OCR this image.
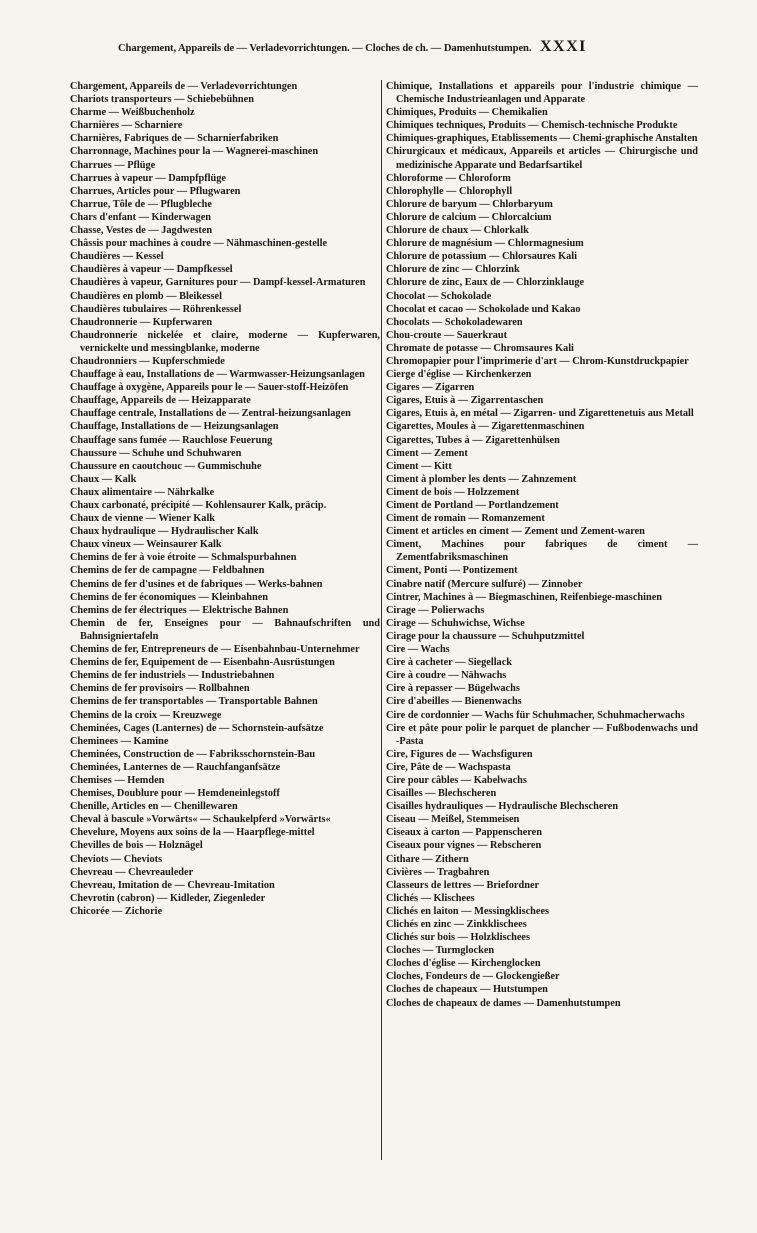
Chargement, Appareils de — Verladevorrichtungen. — Cloches de ch. — Damenhutstumpen. XXXI
Chargement, Appareils de — Verladevorrichtungen
Chariots transporteurs — Schiebebühnen
Charme — Weißbuchenholz
Charnières — Scharniere
Charnières, Fabriques de — Scharnierfabriken
Charronnage, Machines pour la — Wagnerei-maschinen
Charrues — Pflüge
Charrues à vapeur — Dampfpflüge
Charrues, Articles pour — Pflugwaren
Charrue, Tôle de — Pflugbleche
Chars d'enfant — Kinderwagen
Chasse, Vestes de — Jagdwesten
Châssis pour machines à coudre — Nähmaschinen-gestelle
Chaudières — Kessel
Chaudières à vapeur — Dampfkessel
Chaudières à vapeur, Garnitures pour — Dampf-kessel-Armaturen
Chaudières en plomb — Bleikessel
Chaudières tubulaires — Röhrenkessel
Chaudronnerie — Kupferwaren
Chaudronnerie nickelée et claire, moderne — Kupferwaren, vernickelte und messingblanke, moderne
Chaudronniers — Kupferschmiede
Chauffage à eau, Installations de — Warmwasser-Heizungsanlagen
Chauffage à oxygène, Appareils pour le — Sauer-stoff-Heizöfen
Chauffage, Appareils de — Heizapparate
Chauffage centrale, Installations de — Zentral-heizungsanlagen
Chauffage, Installations de — Heizungsanlagen
Chauffage sans fumée — Rauchlose Feuerung
Chaussure — Schuhe und Schuhwaren
Chaussure en caoutchouc — Gummischuhe
Chaux — Kalk
Chaux alimentaire — Nährkalke
Chaux carbonaté, précipité — Kohlensaurer Kalk, präcip.
Chaux de vienne — Wiener Kalk
Chaux hydraulique — Hydraulischer Kalk
Chaux vineux — Weinsaurer Kalk
Chemins de fer à voie étroite — Schmalspurbahnen
Chemins de fer de campagne — Feldbahnen
Chemins de fer d'usines et de fabriques — Werks-bahnen
Chemins de fer économiques — Kleinbahnen
Chemins de fer électriques — Elektrische Bahnen
Chemin de fer, Enseignes pour — Bahnaufschriften und Bahnsigniertafeln
Chemins de fer, Entrepreneurs de — Eisenbahnbau-Unternehmer
Chemins de fer, Equipement de — Eisenbahn-Ausrüstungen
Chemins de fer industriels — Industriebahnen
Chemins de fer provisoirs — Rollbahnen
Chemins de fer transportables — Transportable Bahnen
Chemins de la croix — Kreuzwege
Cheminées, Cages (Lanternes) de — Schornstein-aufsätze
Cheminees — Kamine
Cheminées, Construction de — Fabriksschornstein-Bau
Cheminées, Lanternes de — Rauchfanganfsätze
Chemises — Hemden
Chemises, Doublure pour — Hemdeneinlegstoff
Chenille, Articles en — Chenillewaren
Cheval à bascule »Vorwärts« — Schaukelpferd »Vorwärts«
Chevelure, Moyens aux soins de la — Haarpflege-mittel
Chevilles de bois — Holznägel
Cheviots — Cheviots
Chevreau — Chevreauleder
Chevreau, Imitation de — Chevreau-Imitation
Chevrotin (cabron) — Kidleder, Ziegenleder
Chicorée — Zichorie
Chimique, Installations et appareils pour l'industrie chimique — Chemische Industrieanlagen und Apparate
Chimiques, Produits — Chemikalien
Chimiques techniques, Produits — Chemisch-technische Produkte
Chimiques-graphiques, Etablissements — Chemi-graphische Anstalten
Chirurgicaux et médicaux, Appareils et articles — Chirurgische und medizinische Apparate und Bedarfsartikel
Chloroforme — Chloroform
Chlorophylle — Chlorophyll
Chlorure de baryum — Chlorbaryum
Chlorure de calcium — Chlorcalcium
Chlorure de chaux — Chlorkalk
Chlorure de magnésium — Chlormagnesium
Chlorure de potassium — Chlorsaures Kali
Chlorure de zinc — Chlorzink
Chlorure de zinc, Eaux de — Chlorzinklauge
Chocolat — Schokolade
Chocolat et cacao — Schokolade und Kakao
Chocolats — Schokoladewaren
Chou-croute — Sauerkraut
Chromate de potasse — Chromsaures Kali
Chromopapier pour l'imprimerie d'art — Chrom-Kunstdruckpapier
Cierge d'église — Kirchenkerzen
Cigares — Zigarren
Cigares, Etuis à — Zigarrentaschen
Cigares, Etuis à, en métal — Zigarren- und Zigarettenetuis aus Metall
Cigarettes, Moules à — Zigarettenmaschinen
Cigarettes, Tubes à — Zigarettenhülsen
Ciment — Zement
Ciment — Kitt
Ciment à plomber les dents — Zahnzement
Ciment de bois — Holzzement
Ciment de Portland — Portlandzement
Ciment de romain — Romanzement
Ciment et articles en ciment — Zement und Zement-waren
Ciment, Machines pour fabriques de ciment — Zementfabriksmaschinen
Ciment, Ponti — Pontizement
Cinabre natif (Mercure sulfuré) — Zinnober
Cintrer, Machines à — Biegmaschinen, Reifenbiege-maschinen
Cirage — Polierwachs
Cirage — Schuhwichse, Wichse
Cirage pour la chaussure — Schuhputzmittel
Cire — Wachs
Cire à cacheter — Siegellack
Cire à coudre — Nähwachs
Cire à repasser — Bügelwachs
Cire d'abeilles — Bienenwachs
Cire de cordonnier — Wachs für Schuhmacher, Schuhmacherwachs
Cire et pâte pour polir le parquet de plancher — Fußbodenwachs und -Pasta
Cire, Figures de — Wachsfiguren
Cire, Pâte de — Wachspasta
Cire pour câbles — Kabelwachs
Cisailles — Blechscheren
Cisailles hydrauliques — Hydraulische Blechscheren
Ciseau — Meißel, Stemmeisen
Ciseaux à carton — Pappenscheren
Ciseaux pour vignes — Rebscheren
Cithare — Zithern
Civières — Tragbahren
Classeurs de lettres — Briefordner
Clichés — Klischees
Clichés en laiton — Messingklischees
Clichés en zinc — Zinkklischees
Clichés sur bois — Holzklischees
Cloches — Turmglocken
Cloches d'église — Kirchenglocken
Cloches, Fondeurs de — Glockengießer
Cloches de chapeaux — Hutstumpen
Cloches de chapeaux de dames — Damenhutstumpen
